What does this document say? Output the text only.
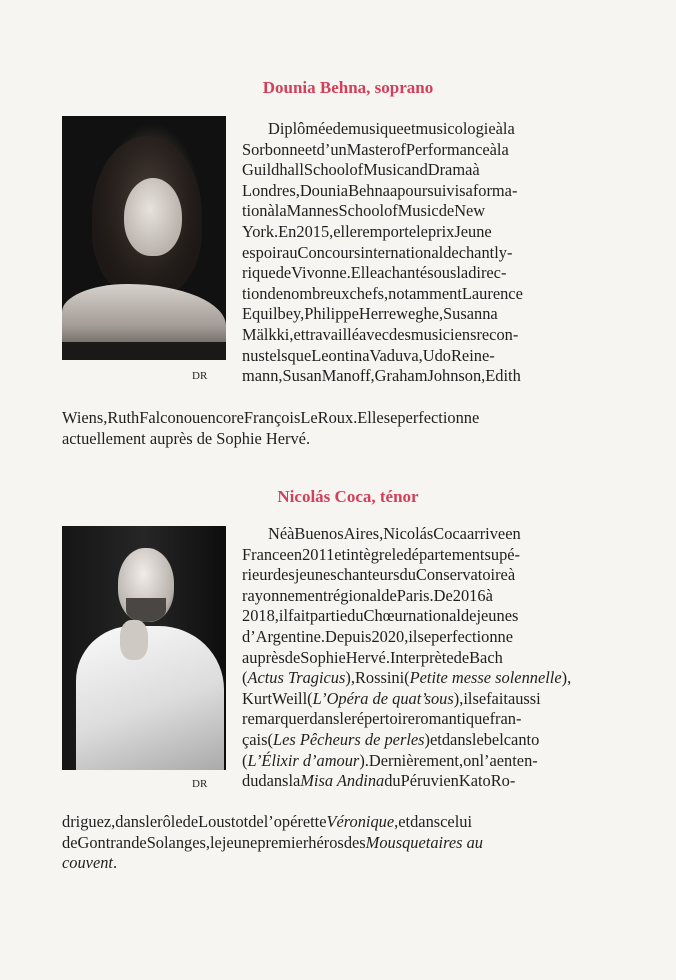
Dounia Behna, soprano

DR

Diplôméedemusiqueetmusicologieàla
Sorbonneetd’unMasterofPerformanceàla
GuildhallSchoolofMusicandDramaà
Londres,DouniaBehnaapoursuivisaforma-
tionàlaMannesSchoolofMusicdeNew
York.En2015,elleremporteleprixJeune
espoirauConcoursinternationaldechantly-
riquedeVivonne.Elleachantésousladirec-
tiondenombreuxchefs,notammentLaurence
Equilbey,PhilippeHerreweghe,Susanna
Mälkki,ettravailléavecdesmusiciensrecon-
nustelsqueLeontinaVaduva,UdoReine-
mann,SusanManoff,GrahamJohnson,Edith
Wiens,RuthFalconouencoreFrançoisLeRoux.Elleseperfectionne
actuellement auprès de Sophie Hervé.
Nicolás Coca, ténor

DR

NéàBuenosAires,NicolásCocaarriveen
Franceen2011etintègreledépartementsupé-
rieurdesjeuneschanteursduConservatoireà
rayonnementrégionaldeParis.De2016à
2018,ilfaitpartieduChœurnationaldejeunes
d’Argentine.Depuis2020,ilseperfectionne
auprèsdeSophieHervé.InterprètedeBach
(Actus Tragicus),Rossini(Petite messe solennelle),
KurtWeill(L’Opéra de quat’sous),ilsefaitaussi
remarquerdanslerépertoireromantiquefran-
çais(Les Pêcheurs de perles)etdanslebelcanto
(L’Élixir d’amour).Dernièrement,onl’aenten-
dudanslaMisa AndinaduPéruvienKatoRo-
driguez,danslerôledeLoustotdel’opéretteVéronique,etdanscelui
deGontrandeSolanges,lejeunepremierhérosdesMousquetaires au
couvent.
